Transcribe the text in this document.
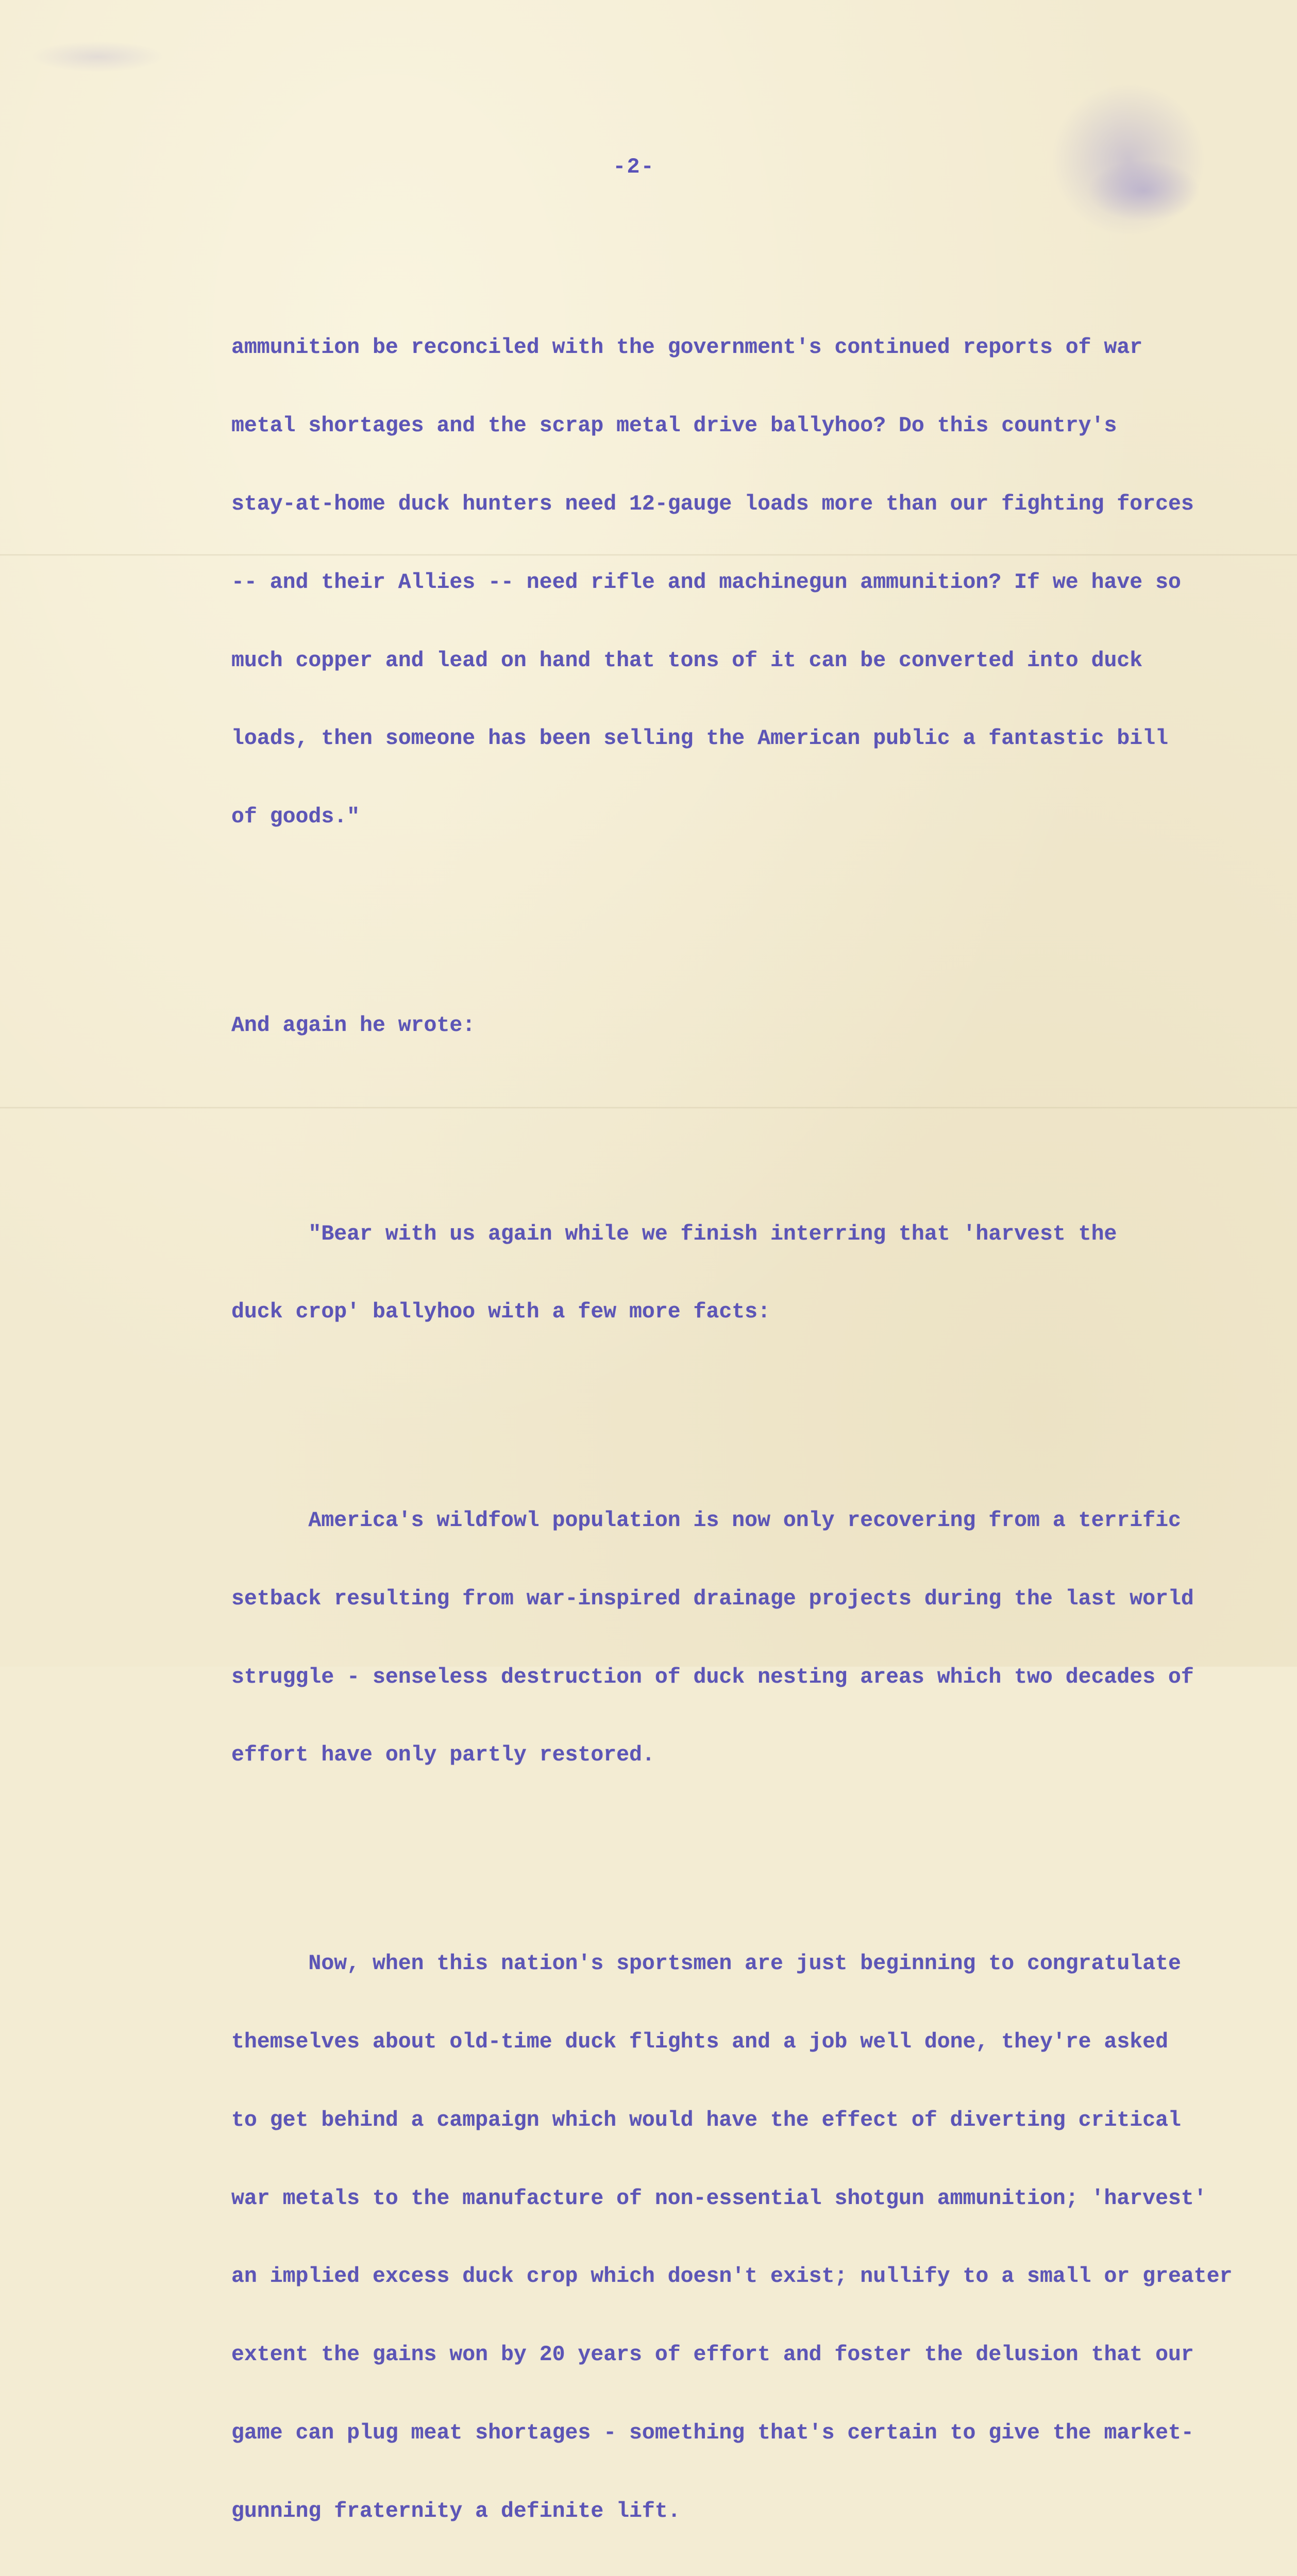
-2-

ammunition be reconciled with the government's continued reports of war

metal shortages and the scrap metal drive ballyhoo? Do this country's

stay-at-home duck hunters need 12-gauge loads more than our fighting forces

-- and their Allies -- need rifle and machinegun ammunition? If we have so

much copper and lead on hand that tons of it can be converted into duck

loads, then someone has been selling the American public a fantastic bill

of goods."

And again he wrote:

"Bear with us again while we finish interring that 'harvest the

duck crop' ballyhoo with a few more facts:

America's wildfowl population is now only recovering from a terrific

setback resulting from war-inspired drainage projects during the last world

struggle - senseless destruction of duck nesting areas which two decades of

effort have only partly restored.

Now, when this nation's sportsmen are just beginning to congratulate

themselves about old-time duck flights and a job well done, they're asked

to get behind a campaign which would have the effect of diverting critical

war metals to the manufacture of non-essential shotgun ammunition; 'harvest'

an implied excess duck crop which doesn't exist; nullify to a small or greater

extent the gains won by 20 years of effort and foster the delusion that our

game can plug meat shortages - something that's certain to give the market-

gunning fraternity a definite lift.
